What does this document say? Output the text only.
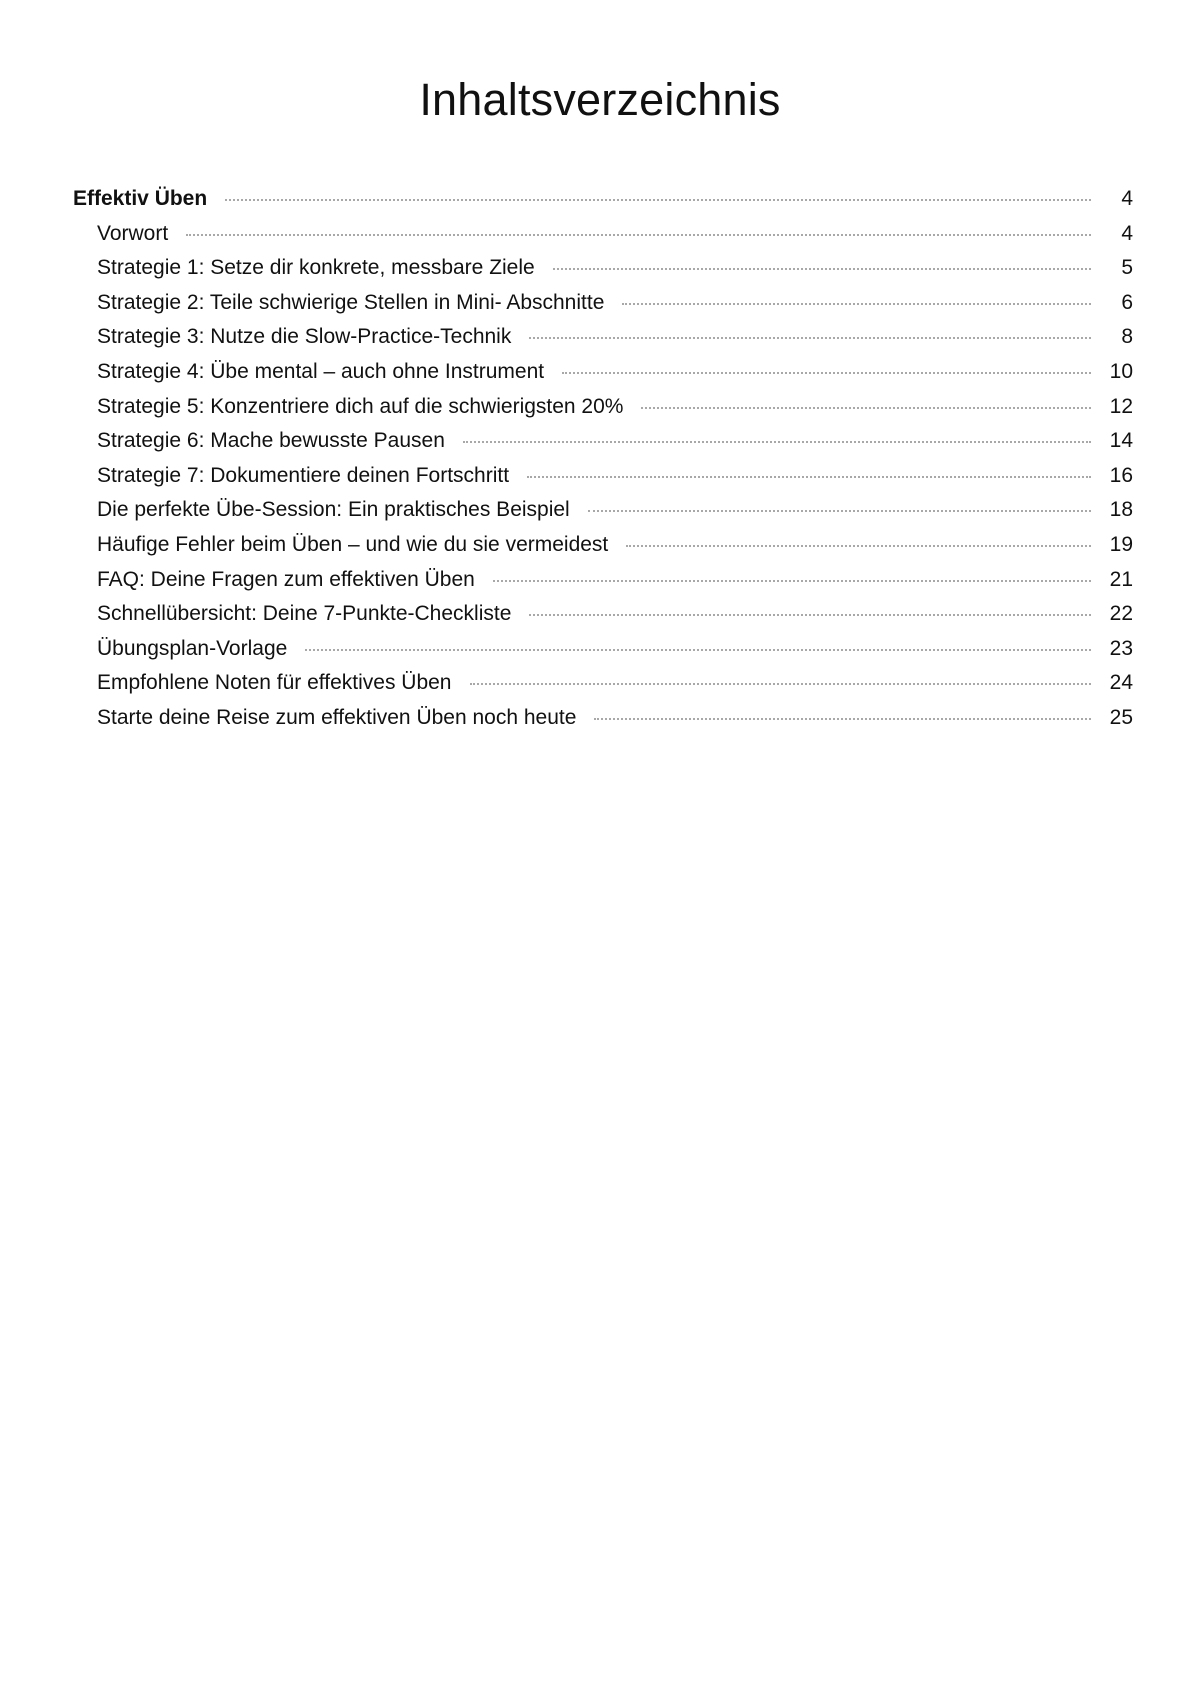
Inhaltsverzeichnis
Effektiv Üben	4
Vorwort	4
Strategie 1: Setze dir konkrete, messbare Ziele	5
Strategie 2: Teile schwierige Stellen in Mini- Abschnitte	6
Strategie 3: Nutze die Slow-Practice-Technik	8
Strategie 4: Übe mental – auch ohne Instrument	10
Strategie 5: Konzentriere dich auf die schwierigsten 20%	12
Strategie 6: Mache bewusste Pausen	14
Strategie 7: Dokumentiere deinen Fortschritt	16
Die perfekte Übe-Session: Ein praktisches Beispiel	18
Häufige Fehler beim Üben – und wie du sie vermeidest	19
FAQ: Deine Fragen zum effektiven Üben	21
Schnellübersicht: Deine 7-Punkte-Checkliste	22
Übungsplan-Vorlage	23
Empfohlene Noten für effektives Üben	24
Starte deine Reise zum effektiven Üben noch heute	25
